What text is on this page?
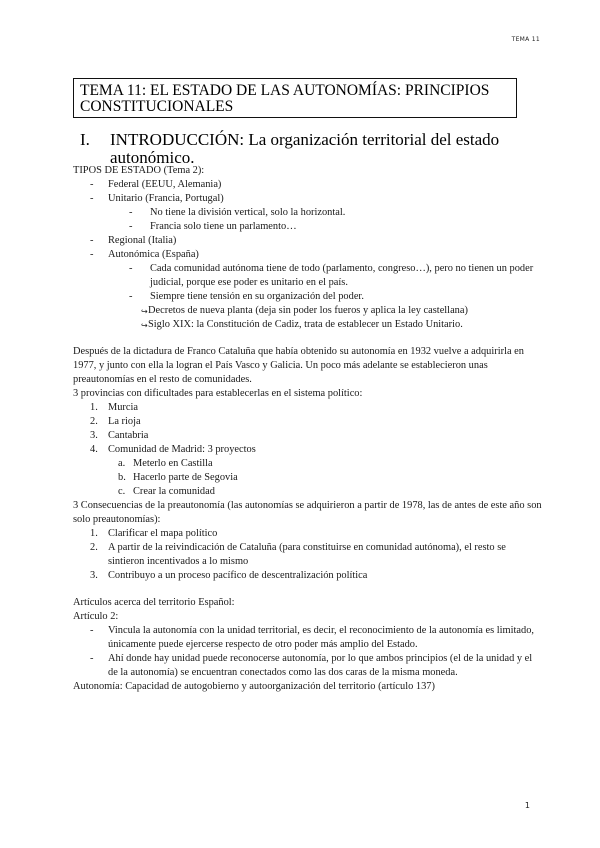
TEMA 11
TEMA 11: EL ESTADO DE LAS AUTONOMÍAS: PRINCIPIOS CONSTITUCIONALES
I. INTRODUCCIÓN: La organización territorial del estado autonómico.
TIPOS DE ESTADO (Tema 2):
- Federal (EEUU, Alemania)
- Unitario (Francia, Portugal)
- No tiene la división vertical, solo la horizontal.
- Francia solo tiene un parlamento…
- Regional (Italia)
- Autonómica (España)
- Cada comunidad autónoma tiene de todo (parlamento, congreso…), pero no tienen un poder judicial, porque ese poder es unitario en el país.
- Siempre tiene tensión en su organización del poder.
↪ Decretos de nueva planta (deja sin poder los fueros y aplica la ley castellana)
↪ Siglo XIX: la Constitución de Cadiz, trata de establecer un Estado Unitario.
Después de la dictadura de Franco Cataluña que había obtenido su autonomía en 1932 vuelve a adquirirla en 1977, y junto con ella la logran el País Vasco y Galicia. Un poco más adelante se establecieron unas preautonomías en el resto de comunidades.
3 provincias con dificultades para establecerlas en el sistema político:
1. Murcia
2. La rioja
3. Cantabria
4. Comunidad de Madrid: 3 proyectos
a. Meterlo en Castilla
b. Hacerlo parte de Segovia
c. Crear la comunidad
3 Consecuencias de la preautonomía (las autonomías se adquirieron a partir de 1978, las de antes de este año son solo preautonomías):
1. Clarificar el mapa político
2. A partir de la reivindicación de Cataluña (para constituirse en comunidad autónoma), el resto se sintieron incentivados a lo mismo
3. Contribuyo a un proceso pacífico de descentralización política
Artículos acerca del territorio Español:
Artículo 2:
- Vincula la autonomía con la unidad territorial, es decir, el reconocimiento de la autonomía es limitado, únicamente puede ejercerse respecto de otro poder más amplio del Estado.
- Ahí donde hay unidad puede reconocerse autonomía, por lo que ambos principios (el de la unidad y el de la autonomía) se encuentran conectados como las dos caras de la misma moneda.
Autonomía: Capacidad de autogobierno y autoorganización del territorio (artículo 137)
1
